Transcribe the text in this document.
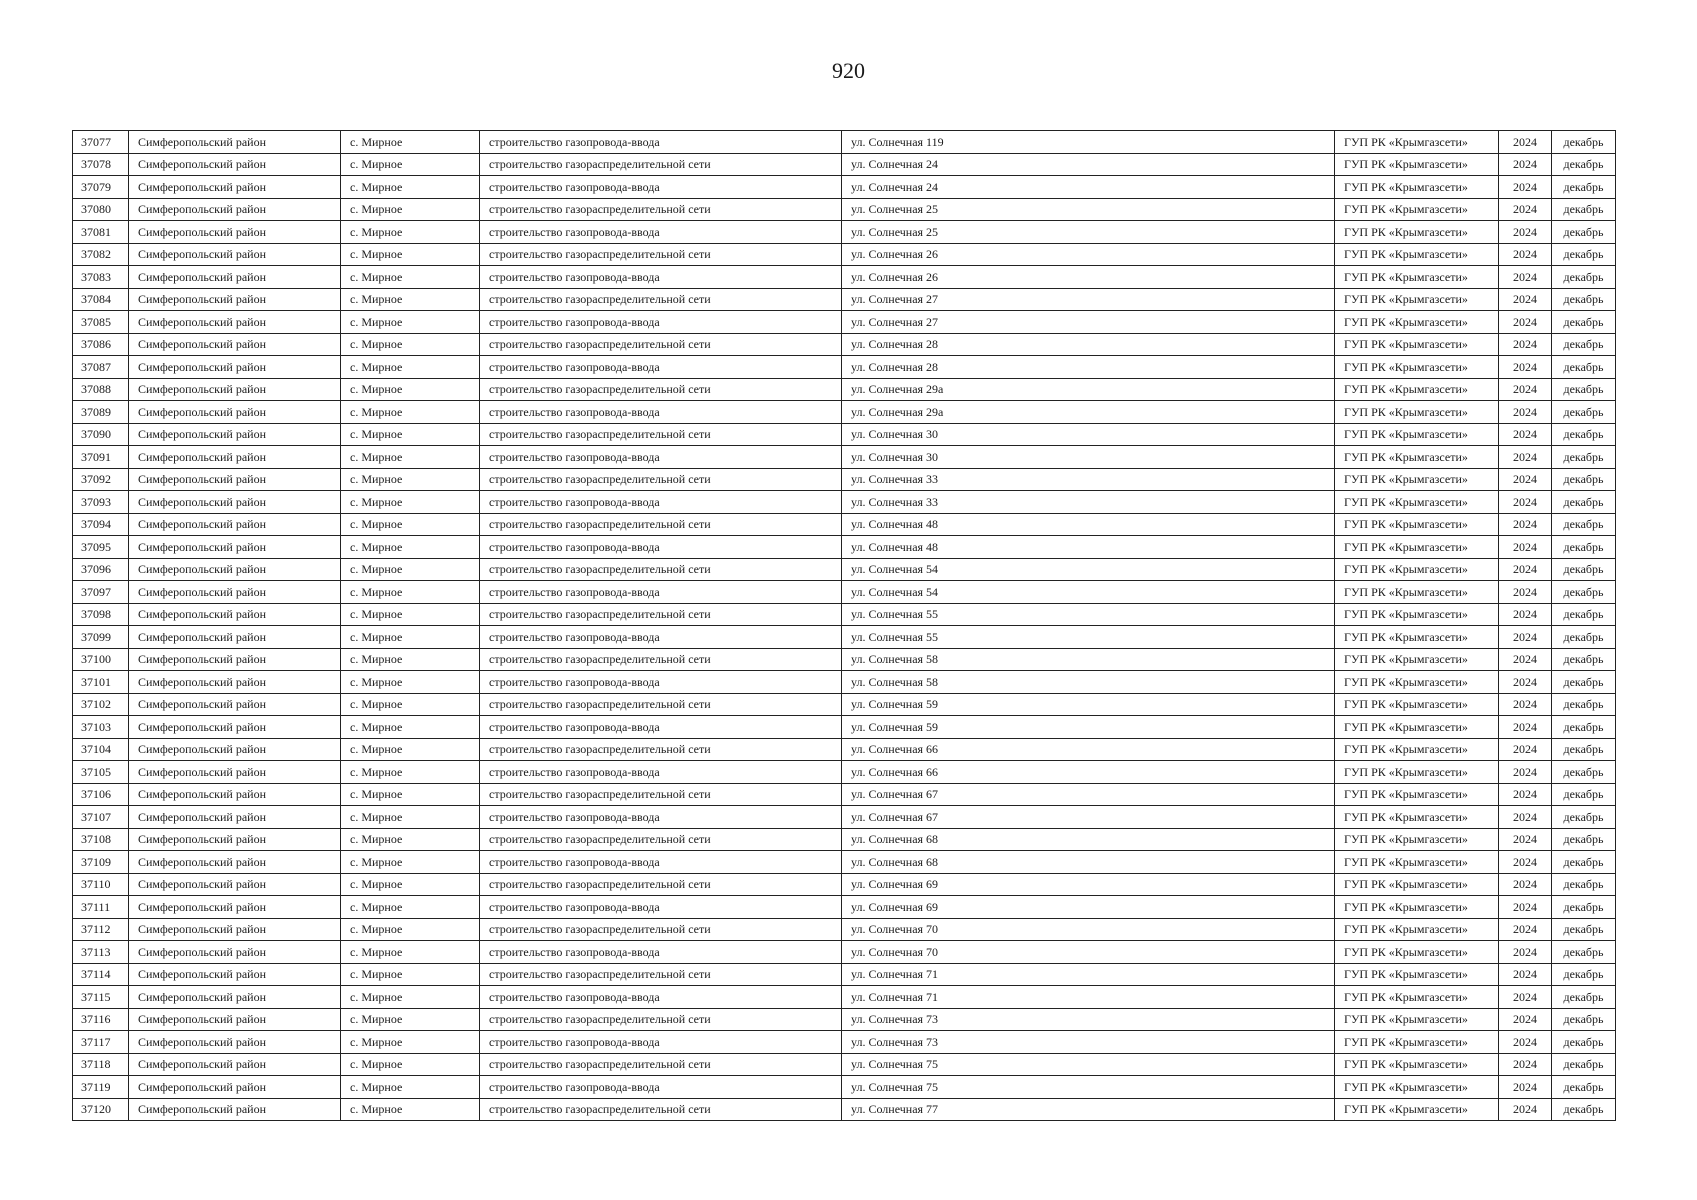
920
37077	Симферопольский район	с. Мирное	строительство газопровода-ввода	ул. Солнечная 119	ГУП РК «Крымгазсети»	2024	декабрь
37078	Симферопольский район	с. Мирное	строительство газораспределительной сети	ул. Солнечная 24	ГУП РК «Крымгазсети»	2024	декабрь
37079	Симферопольский район	с. Мирное	строительство газопровода-ввода	ул. Солнечная 24	ГУП РК «Крымгазсети»	2024	декабрь
37080	Симферопольский район	с. Мирное	строительство газораспределительной сети	ул. Солнечная 25	ГУП РК «Крымгазсети»	2024	декабрь
37081	Симферопольский район	с. Мирное	строительство газопровода-ввода	ул. Солнечная 25	ГУП РК «Крымгазсети»	2024	декабрь
37082	Симферопольский район	с. Мирное	строительство газораспределительной сети	ул. Солнечная 26	ГУП РК «Крымгазсети»	2024	декабрь
37083	Симферопольский район	с. Мирное	строительство газопровода-ввода	ул. Солнечная 26	ГУП РК «Крымгазсети»	2024	декабрь
37084	Симферопольский район	с. Мирное	строительство газораспределительной сети	ул. Солнечная 27	ГУП РК «Крымгазсети»	2024	декабрь
37085	Симферопольский район	с. Мирное	строительство газопровода-ввода	ул. Солнечная 27	ГУП РК «Крымгазсети»	2024	декабрь
37086	Симферопольский район	с. Мирное	строительство газораспределительной сети	ул. Солнечная 28	ГУП РК «Крымгазсети»	2024	декабрь
37087	Симферопольский район	с. Мирное	строительство газопровода-ввода	ул. Солнечная 28	ГУП РК «Крымгазсети»	2024	декабрь
37088	Симферопольский район	с. Мирное	строительство газораспределительной сети	ул. Солнечная 29а	ГУП РК «Крымгазсети»	2024	декабрь
37089	Симферопольский район	с. Мирное	строительство газопровода-ввода	ул. Солнечная 29а	ГУП РК «Крымгазсети»	2024	декабрь
37090	Симферопольский район	с. Мирное	строительство газораспределительной сети	ул. Солнечная 30	ГУП РК «Крымгазсети»	2024	декабрь
37091	Симферопольский район	с. Мирное	строительство газопровода-ввода	ул. Солнечная 30	ГУП РК «Крымгазсети»	2024	декабрь
37092	Симферопольский район	с. Мирное	строительство газораспределительной сети	ул. Солнечная 33	ГУП РК «Крымгазсети»	2024	декабрь
37093	Симферопольский район	с. Мирное	строительство газопровода-ввода	ул. Солнечная 33	ГУП РК «Крымгазсети»	2024	декабрь
37094	Симферопольский район	с. Мирное	строительство газораспределительной сети	ул. Солнечная 48	ГУП РК «Крымгазсети»	2024	декабрь
37095	Симферопольский район	с. Мирное	строительство газопровода-ввода	ул. Солнечная 48	ГУП РК «Крымгазсети»	2024	декабрь
37096	Симферопольский район	с. Мирное	строительство газораспределительной сети	ул. Солнечная 54	ГУП РК «Крымгазсети»	2024	декабрь
37097	Симферопольский район	с. Мирное	строительство газопровода-ввода	ул. Солнечная 54	ГУП РК «Крымгазсети»	2024	декабрь
37098	Симферопольский район	с. Мирное	строительство газораспределительной сети	ул. Солнечная 55	ГУП РК «Крымгазсети»	2024	декабрь
37099	Симферопольский район	с. Мирное	строительство газопровода-ввода	ул. Солнечная 55	ГУП РК «Крымгазсети»	2024	декабрь
37100	Симферопольский район	с. Мирное	строительство газораспределительной сети	ул. Солнечная 58	ГУП РК «Крымгазсети»	2024	декабрь
37101	Симферопольский район	с. Мирное	строительство газопровода-ввода	ул. Солнечная 58	ГУП РК «Крымгазсети»	2024	декабрь
37102	Симферопольский район	с. Мирное	строительство газораспределительной сети	ул. Солнечная 59	ГУП РК «Крымгазсети»	2024	декабрь
37103	Симферопольский район	с. Мирное	строительство газопровода-ввода	ул. Солнечная 59	ГУП РК «Крымгазсети»	2024	декабрь
37104	Симферопольский район	с. Мирное	строительство газораспределительной сети	ул. Солнечная 66	ГУП РК «Крымгазсети»	2024	декабрь
37105	Симферопольский район	с. Мирное	строительство газопровода-ввода	ул. Солнечная 66	ГУП РК «Крымгазсети»	2024	декабрь
37106	Симферопольский район	с. Мирное	строительство газораспределительной сети	ул. Солнечная 67	ГУП РК «Крымгазсети»	2024	декабрь
37107	Симферопольский район	с. Мирное	строительство газопровода-ввода	ул. Солнечная 67	ГУП РК «Крымгазсети»	2024	декабрь
37108	Симферопольский район	с. Мирное	строительство газораспределительной сети	ул. Солнечная 68	ГУП РК «Крымгазсети»	2024	декабрь
37109	Симферопольский район	с. Мирное	строительство газопровода-ввода	ул. Солнечная 68	ГУП РК «Крымгазсети»	2024	декабрь
37110	Симферопольский район	с. Мирное	строительство газораспределительной сети	ул. Солнечная 69	ГУП РК «Крымгазсети»	2024	декабрь
37111	Симферопольский район	с. Мирное	строительство газопровода-ввода	ул. Солнечная 69	ГУП РК «Крымгазсети»	2024	декабрь
37112	Симферопольский район	с. Мирное	строительство газораспределительной сети	ул. Солнечная 70	ГУП РК «Крымгазсети»	2024	декабрь
37113	Симферопольский район	с. Мирное	строительство газопровода-ввода	ул. Солнечная 70	ГУП РК «Крымгазсети»	2024	декабрь
37114	Симферопольский район	с. Мирное	строительство газораспределительной сети	ул. Солнечная 71	ГУП РК «Крымгазсети»	2024	декабрь
37115	Симферопольский район	с. Мирное	строительство газопровода-ввода	ул. Солнечная 71	ГУП РК «Крымгазсети»	2024	декабрь
37116	Симферопольский район	с. Мирное	строительство газораспределительной сети	ул. Солнечная 73	ГУП РК «Крымгазсети»	2024	декабрь
37117	Симферопольский район	с. Мирное	строительство газопровода-ввода	ул. Солнечная 73	ГУП РК «Крымгазсети»	2024	декабрь
37118	Симферопольский район	с. Мирное	строительство газораспределительной сети	ул. Солнечная 75	ГУП РК «Крымгазсети»	2024	декабрь
37119	Симферопольский район	с. Мирное	строительство газопровода-ввода	ул. Солнечная 75	ГУП РК «Крымгазсети»	2024	декабрь
37120	Симферопольский район	с. Мирное	строительство газораспределительной сети	ул. Солнечная 77	ГУП РК «Крымгазсети»	2024	декабрь
